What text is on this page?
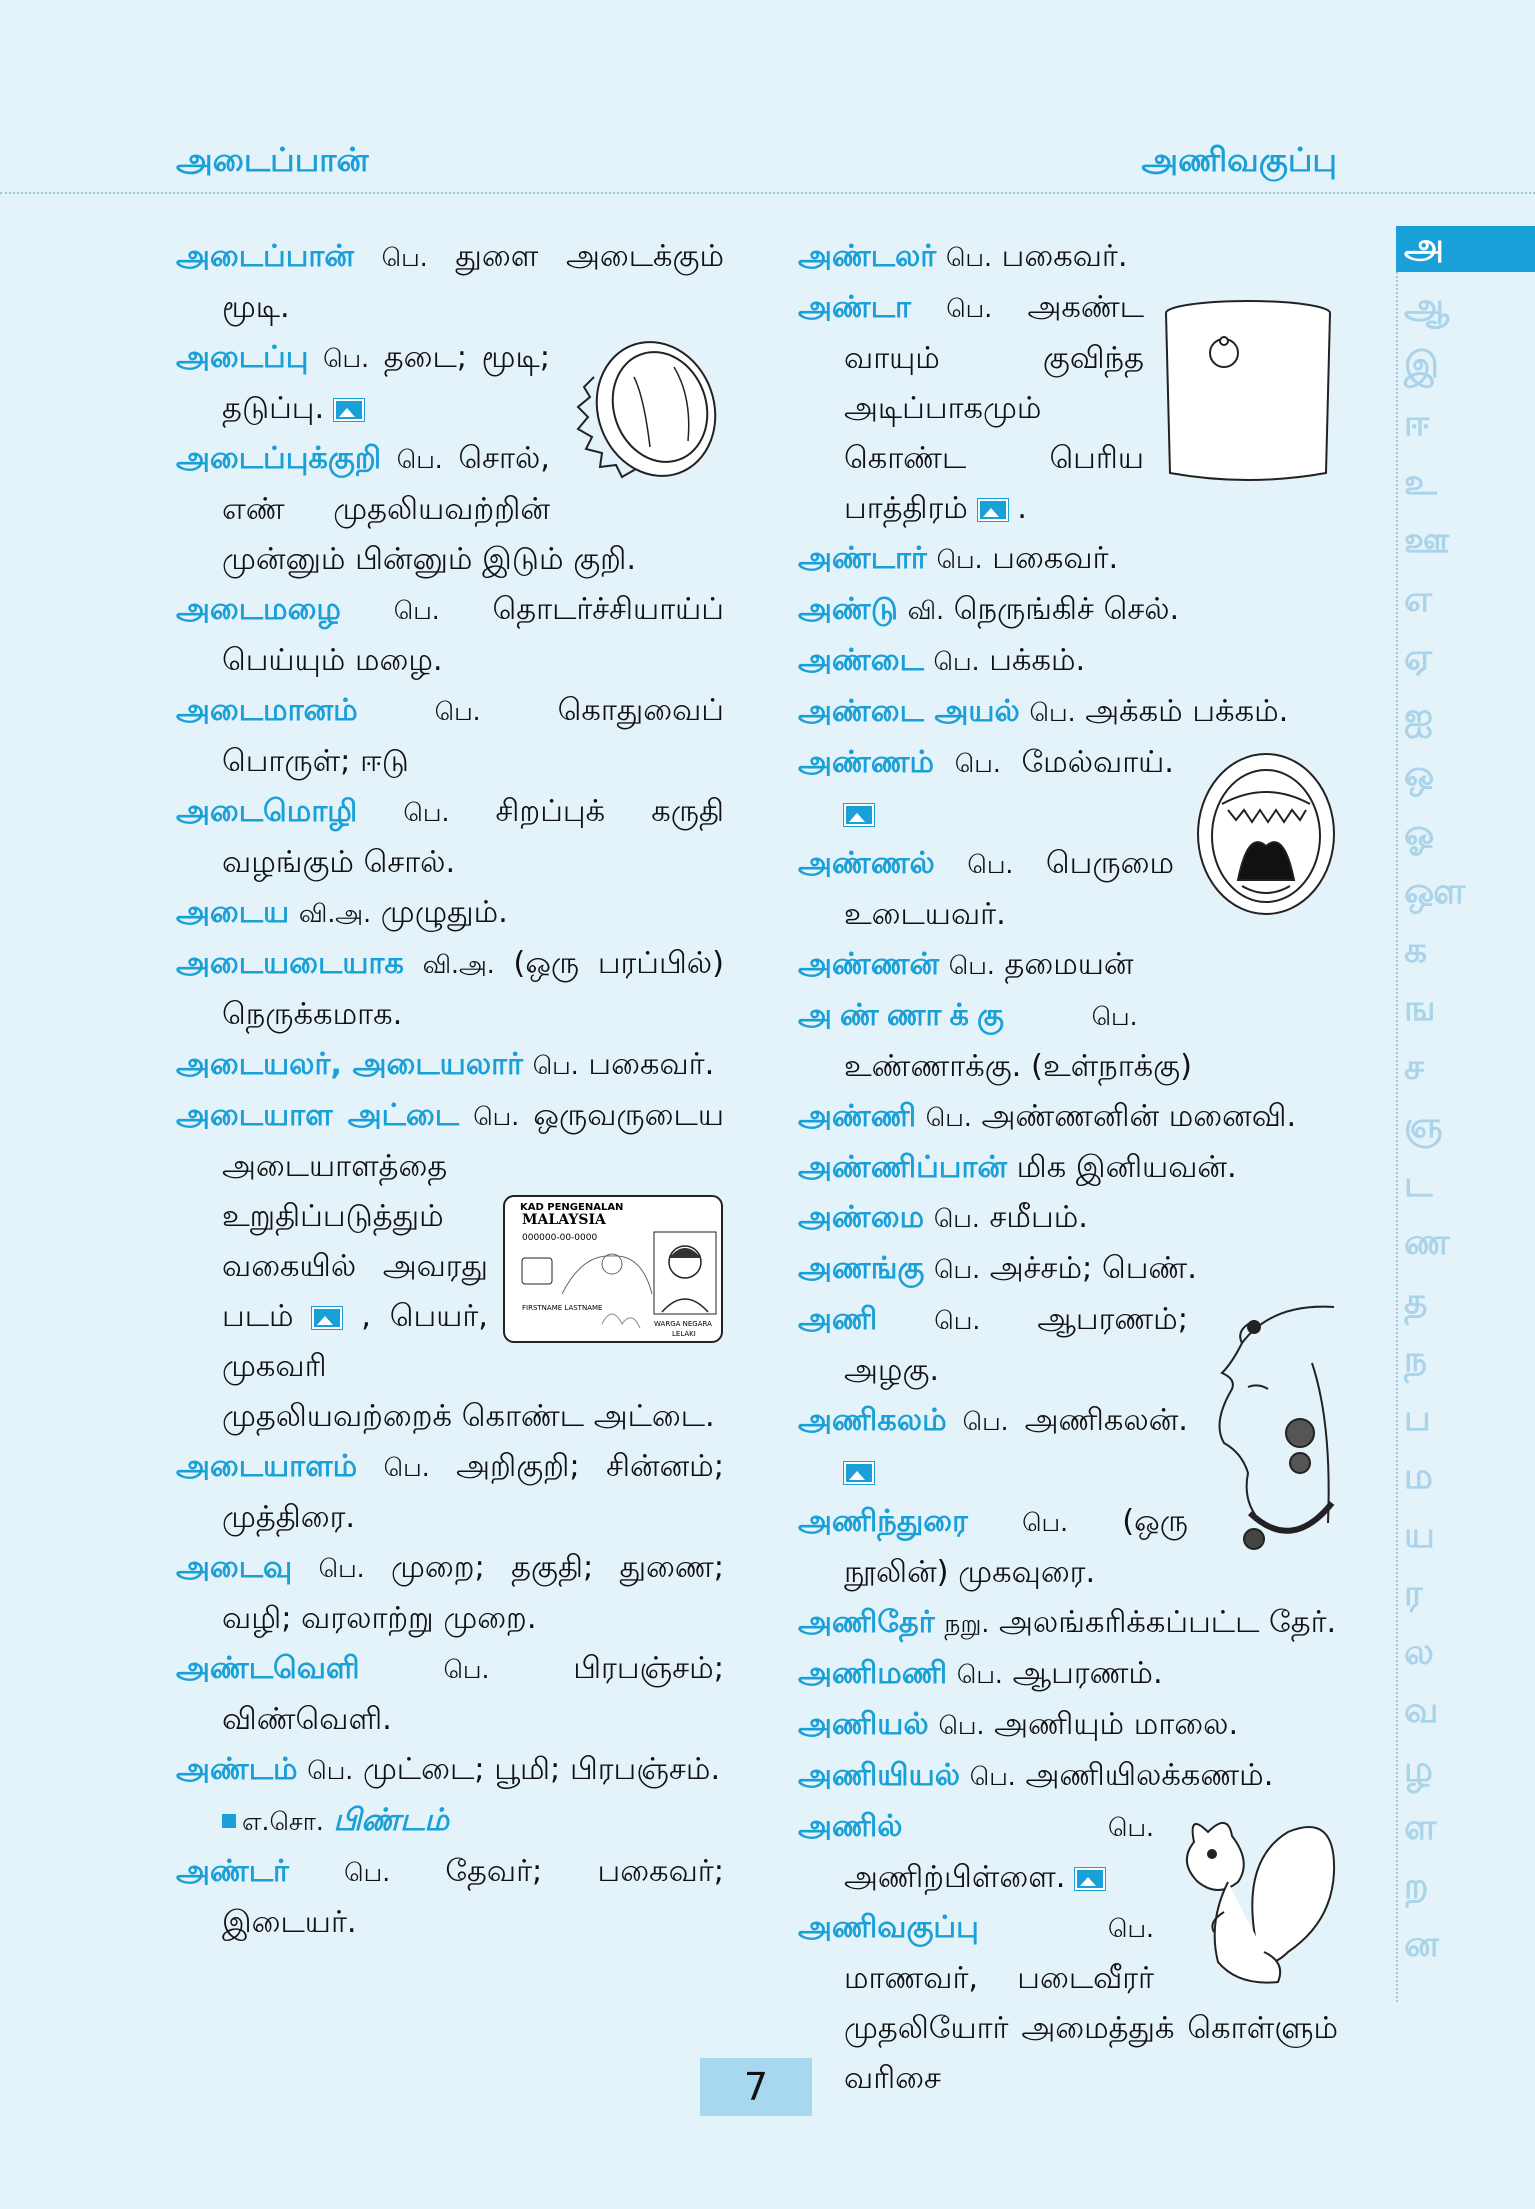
அடைப்பான்	அணிவகுப்பு
அடைப்பான் பெ. துளை அடைக்கும் மூடி.
அடைப்பு பெ. தடை; மூடி; தடுப்பு.
அடைப்புக்குறி பெ. சொல், எண் முதலியவற்றின் முன்னும் பின்னும் இடும் குறி.
அடைமழை பெ. தொடர்ச்சியாய்ப் பெய்யும் மழை.
அடைமானம்	பெ. கொதுவைப் பொருள்; ஈடு
அடைமொழி பெ. சிறப்புக் கருதி வழங்கும் சொல்.
அடைய வி.அ. முழுதும்.
அடையடையாக வி.அ. (ஒரு பரப்பில்) நெருக்கமாக.
அடையலர், அடையலார் பெ. பகைவர்.
அடையாள அட்டை பெ.
KAD PENGENALAN
MALAYSIA
000000-00-0000
FIRSTNAME LASTNAME
WARGA NEGARA
LELAKI
ஒருவருடைய அடையாளத்தை உறுதிப்படுத்தும் வகையில் அவரது படம்  , பெயர், முகவரி முதலியவற்றைக் கொண்ட அட்டை.
அடையாளம் பெ. அறிகுறி; சின்னம்; முத்திரை.
அடைவு பெ. முறை; தகுதி; துணை; வழி; வரலாற்று முறை.
அண்டவெளி	பெ. பிரபஞ்சம்; விண்வெளி.
அண்டம் பெ. முட்டை; பூமி; பிரபஞ்சம்.
எ.சொ. பிண்டம்
அண்டர் பெ. தேவர்; பகைவர்; இடையர்.
அண்டலர் பெ. பகைவர்.
அண்டா பெ. அகண்ட வாயும் குவிந்த அடிப்பாகமும் கொண்ட பெரிய பாத்திரம்  .
அண்டார் பெ. பகைவர்.
அண்டு வி. நெருங்கிச் செல்.
அண்டை பெ. பக்கம்.
அண்டை அயல் பெ. அக்கம் பக்கம்.
அண்ணம் பெ. மேல்வாய்.
அண்ணல் பெ. பெருமை உடையவர்.
அண்ணன் பெ. தமையன்
அண்ணாக்கு	பெ.
உண்ணாக்கு. (உள்நாக்கு)
அண்ணி பெ. அண்ணனின் மனைவி.
அண்ணிப்பான் மிக இனியவன்.
அண்மை பெ. சமீபம்.
அணங்கு பெ. அச்சம்; பெண்.
அணி பெ. ஆபரணம்; அழகு.
அணிகலம் பெ. அணிகலன்.
அணிந்துரை பெ. (ஒரு நூலின்) முகவுரை.
அணிதேர் நறு. அலங்கரிக்கப்பட்ட தேர்.
அணிமணி பெ. ஆபரணம்.
அணியல் பெ. அணியும் மாலை.
அணியியல் பெ. அணியிலக்கணம்.
அணில்	பெ. அணிற்பிள்ளை.
அணிவகுப்பு	பெ. மாணவர், படைவீரர் முதலியோர் அமைத்துக் கொள்ளும் வரிசை
அ
ஆ
இ
ஈ
உ
ஊ
எ
ஏ
ஐ
ஒ
ஓ
ஔ
க
ங
ச
ஞ
ட
ண
த
ந
ப
ம
ய
ர
ல
வ
ழ
ள
ற
ன
7
